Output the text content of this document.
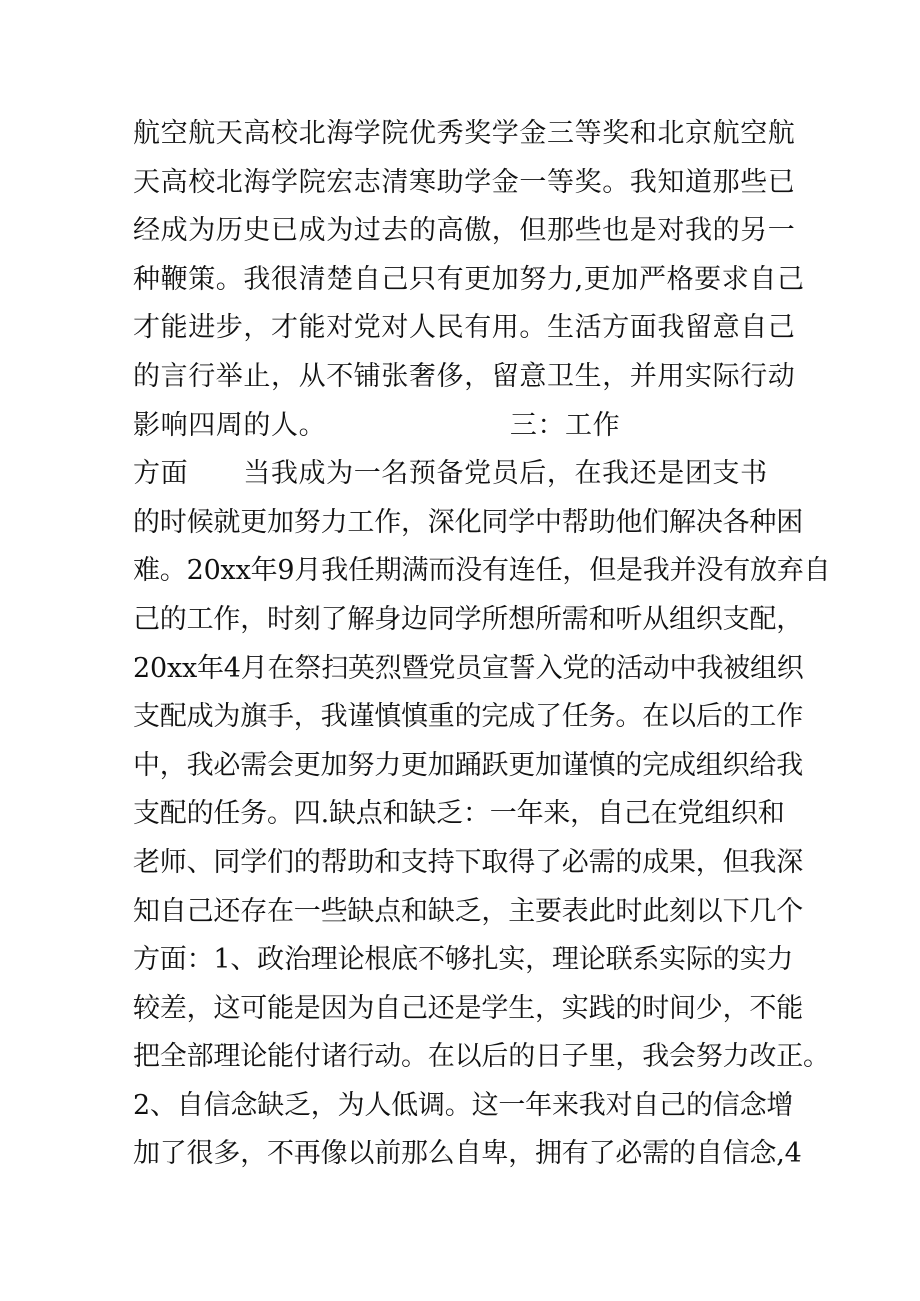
航空航天高校北海学院优秀奖学金三等奖和北京航空航
天高校北海学院宏志清寒助学金一等奖。我知道那些已
经成为历史已成为过去的高傲，但那些也是对我的另一
种鞭策。我很清楚自己只有更加努力,更加严格要求自己
才能进步，才能对党对人民有用。生活方面我留意自己
的言行举止，从不铺张奢侈，留意卫生，并用实际行动
影响四周的人。                    三：工作
方面      当我成为一名预备党员后，在我还是团支书
的时候就更加努力工作，深化同学中帮助他们解决各种困
难。20xx年9月我任期满而没有连任，但是我并没有放弃自
己的工作，时刻了解身边同学所想所需和听从组织支配，
20xx年4月在祭扫英烈暨党员宣誓入党的活动中我被组织
支配成为旗手，我谨慎慎重的完成了任务。在以后的工作
中，我必需会更加努力更加踊跃更加谨慎的完成组织给我
支配的任务。四.缺点和缺乏：一年来，自己在党组织和
老师、同学们的帮助和支持下取得了必需的成果，但我深
知自己还存在一些缺点和缺乏，主要表此时此刻以下几个
方面：1、政治理论根底不够扎实，理论联系实际的实力
较差，这可能是因为自己还是学生，实践的时间少，不能
把全部理论能付诸行动。在以后的日子里，我会努力改正。
2、自信念缺乏，为人低调。这一年来我对自己的信念增
加了很多，不再像以前那么自卑，拥有了必需的自信念,4
